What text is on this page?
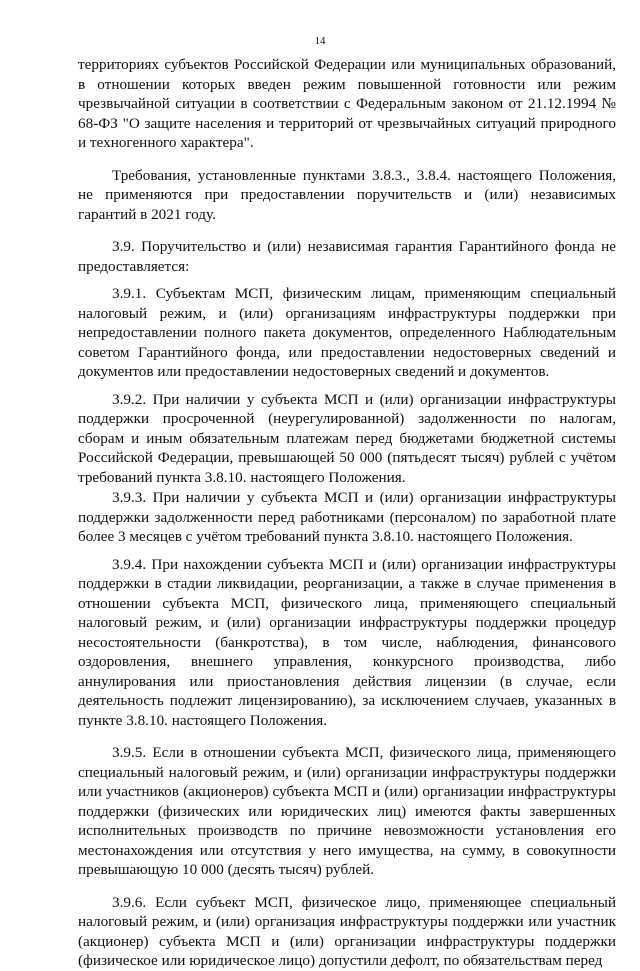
14

территориях субъектов Российской Федерации или муниципальных образований, в отношении которых введен режим повышенной готовности или режим чрезвычайной ситуации в соответствии с Федеральным законом от 21.12.1994 № 68-ФЗ "О защите населения и территорий от чрезвычайных ситуаций природного и техногенного характера".

Требования, установленные пунктами 3.8.3., 3.8.4. настоящего Положения, не применяются при предоставлении поручительств и (или) независимых гарантий в 2021 году.

3.9. Поручительство и (или) независимая гарантия Гарантийного фонда не предоставляется:

3.9.1. Субъектам МСП, физическим лицам, применяющим специальный налоговый режим, и (или) организациям инфраструктуры поддержки при непредоставлении полного пакета документов, определенного Наблюдательным советом Гарантийного фонда, или предоставлении недостоверных сведений и документов или предоставлении недостоверных сведений и документов.

3.9.2. При наличии у субъекта МСП и (или) организации инфраструктуры поддержки просроченной (неурегулированной) задолженности по налогам, сборам и иным обязательным платежам перед бюджетами бюджетной системы Российской Федерации, превышающей 50 000 (пятьдесят тысяч) рублей с учётом требований пункта 3.8.10. настоящего Положения.

3.9.3. При наличии у субъекта МСП и (или) организации инфраструктуры поддержки задолженности перед работниками (персоналом) по заработной плате более 3 месяцев с учётом требований пункта 3.8.10. настоящего Положения.

3.9.4. При нахождении субъекта МСП и (или) организации инфраструктуры поддержки в стадии ликвидации, реорганизации, а также в случае применения в отношении субъекта МСП, физического лица, применяющего специальный налоговый режим, и (или) организации инфраструктуры поддержки процедур несостоятельности (банкротства), в том числе, наблюдения, финансового оздоровления, внешнего управления, конкурсного производства, либо аннулирования или приостановления действия лицензии (в случае, если деятельность подлежит лицензированию), за исключением случаев, указанных в пункте 3.8.10. настоящего Положения.

3.9.5. Если в отношении субъекта МСП, физического лица, применяющего специальный налоговый режим, и (или) организации инфраструктуры поддержки или участников (акционеров) субъекта МСП и (или) организации инфраструктуры поддержки (физических или юридических лиц) имеются факты завершенных исполнительных производств по причине невозможности установления его местонахождения или отсутствия у него имущества, на сумму, в совокупности превышающую 10 000 (десять тысяч) рублей.

3.9.6. Если субъект МСП, физическое лицо, применяющее специальный налоговый режим, и (или) организация инфраструктуры поддержки или участник (акционер) субъекта МСП и (или) организации инфраструктуры поддержки (физическое или юридическое лицо) допустили дефолт, по обязательствам перед
